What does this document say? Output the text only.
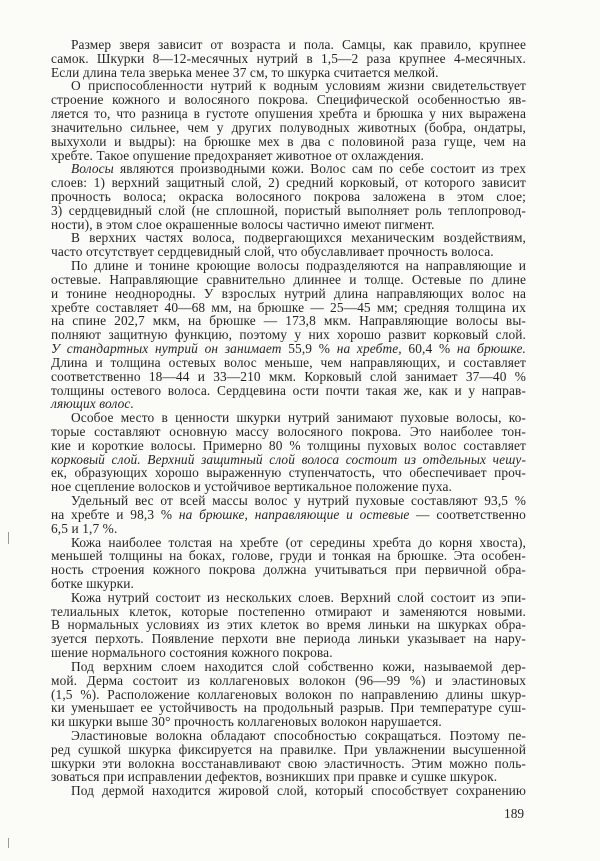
Размер зверя зависит от возраста и пола. Самцы, как правило, крупнее
самок. Шкурки 8—12-месячных нутрий в 1,5—2 раза крупнее 4-месячных.
Если длина тела зверька менее 37 см, то шкурка считается мелкой.
О приспособленности нутрий к водным условиям жизни свидетельствует
строение кожного и волосяного покрова. Специфической особенностью яв-
ляется то, что разница в густоте опушения хребта и брюшка у них выражена
значительно сильнее, чем у других полуводных животных (бобра, ондатры,
выхухоли и выдры): на брюшке мех в два с половиной раза гуще, чем на
хребте. Такое опушение предохраняет животное от охлаждения.
Волосы являются производными кожи. Волос сам по себе состоит из трех
слоев: 1) верхний защитный слой, 2) средний корковый, от которого зависит
прочность волоса; окраска волосяного покрова заложена в этом слое;
3) сердцевидный слой (не сплошной, пористый выполняет роль теплопровод-
ности), в этом слое окрашенные волосы частично имеют пигмент.
В верхних частях волоса, подвергающихся механическим воздействиям,
часто отсутствует сердцевидный слой, что обуславливает прочность волоса.
По длине и тонине кроющие волосы подразделяются на направляющие и
остевые. Направляющие сравнительно длиннее и толще. Остевые по длине
и тонине неоднородны. У взрослых нутрий длина направляющих волос на
хребте составляет 40—68 мм, на брюшке — 25—45 мм; средняя толщина их
на спине 202,7 мкм, на брюшке — 173,8 мкм. Направляющие волосы вы-
полняют защитную функцию, поэтому у них хорошо развит корковый слой.
У стандартных нутрий он занимает 55,9 % на хребте, 60,4 % на брюшке.
Длина и толщина остевых волос меньше, чем направляющих, и составляет
соответственно 18—44 и 33—210 мкм. Корковый слой занимает 37—40 %
толщины остевого волоса. Сердцевина ости почти такая же, как и у направ-
ляющих волос.
Особое место в ценности шкурки нутрий занимают пуховые волосы, ко-
торые составляют основную массу волосяного покрова. Это наиболее тон-
кие и короткие волосы. Примерно 80 % толщины пуховых волос составляет
корковый слой. Верхний защитный слой волоса состоит из отдельных чешу-
ек, образующих хорошо выраженную ступенчатость, что обеспечивает проч-
ное сцепление волосков и устойчивое вертикальное положение пуха.
Удельный вес от всей массы волос у нутрий пуховые составляют 93,5 %
на хребте и 98,3 % на брюшке, направляющие и остевые — соответственно
6,5 и 1,7 %.
Кожа наиболее толстая на хребте (от середины хребта до корня хвоста),
меньшей толщины на боках, голове, груди и тонкая на брюшке. Эта особен-
ность строения кожного покрова должна учитываться при первичной обра-
ботке шкурки.
Кожа нутрий состоит из нескольких слоев. Верхний слой состоит из эпи-
телиальных клеток, которые постепенно отмирают и заменяются новыми.
В нормальных условиях из этих клеток во время линьки на шкурках обра-
зуется перхоть. Появление перхоти вне периода линьки указывает на нару-
шение нормального состояния кожного покрова.
Под верхним слоем находится слой собственно кожи, называемой дер-
мой. Дерма состоит из коллагеновых волокон (96—99 %) и эластиновых
(1,5 %). Расположение коллагеновых волокон по направлению длины шкур-
ки уменьшает ее устойчивость на продольный разрыв. При температуре суш-
ки шкурки выше 30° прочность коллагеновых волокон нарушается.
Эластиновые волокна обладают способностью сокращаться. Поэтому пе-
ред сушкой шкурка фиксируется на правилке. При увлажнении высушенной
шкурки эти волокна восстанавливают свою эластичность. Этим можно поль-
зоваться при исправлении дефектов, возникших при правке и сушке шкурок.
Под дермой находится жировой слой, который способствует сохранению
189
